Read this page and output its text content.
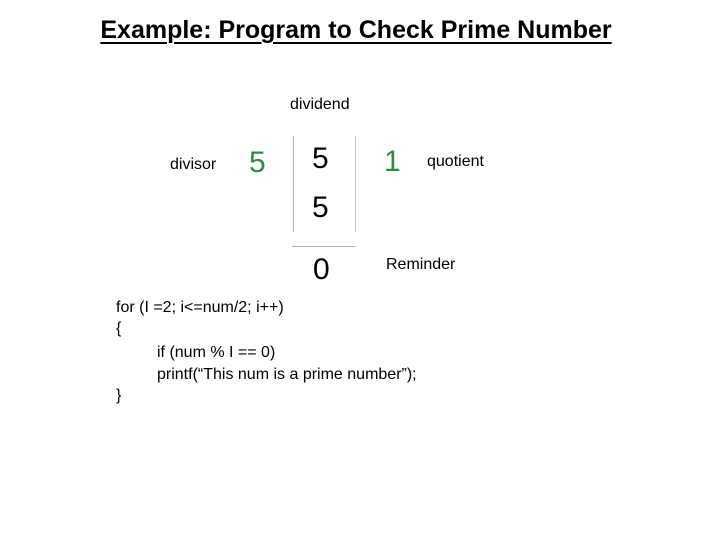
Example: Program to Check Prime Number
dividend
divisor	quotient
Reminder
5 5 1
5
0
for (I =2; i<=num/2; i++)
{
if (num % I == 0)
printf(“This num is a prime number”);
}
